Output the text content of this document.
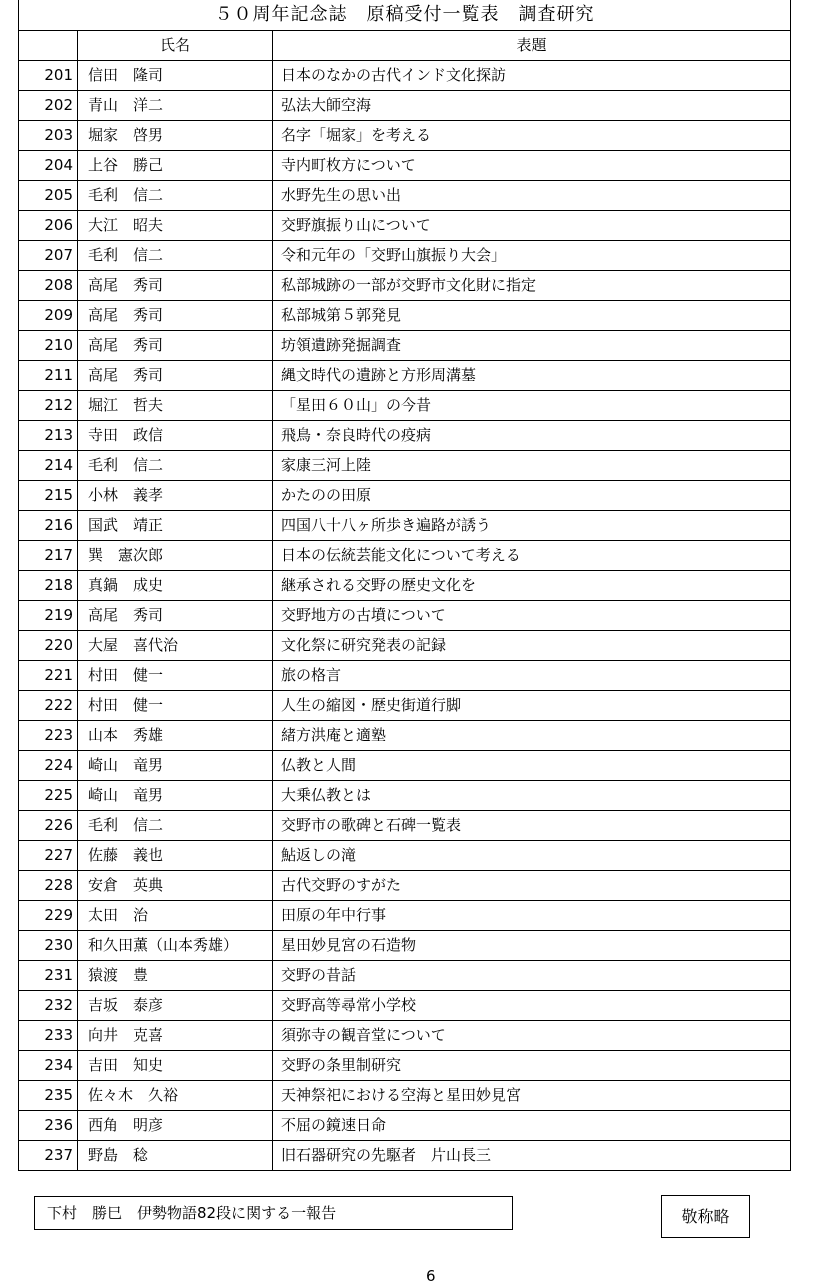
５０周年記念誌　原稿受付一覧表　調査研究		
	氏名	表題
201	信田　隆司	日本のなかの古代インド文化探訪
202	青山　洋二	弘法大師空海
203	堀家　啓男	名字「堀家」を考える
204	上谷　勝己	寺内町枚方について
205	毛利　信二	水野先生の思い出
206	大江　昭夫	交野旗振り山について
207	毛利　信二	令和元年の「交野山旗振り大会」
208	高尾　秀司	私部城跡の一部が交野市文化財に指定
209	高尾　秀司	私部城第５郭発見
210	高尾　秀司	坊領遺跡発掘調査
211	高尾　秀司	縄文時代の遺跡と方形周溝墓
212	堀江　哲夫	「星田６０山」の今昔
213	寺田　政信	飛鳥・奈良時代の疫病
214	毛利　信二	家康三河上陸
215	小林　義孝	かたのの田原
216	国武　靖正	四国八十八ヶ所歩き遍路が誘う
217	巽　憲次郎	日本の伝統芸能文化について考える
218	真鍋　成史	継承される交野の歴史文化を
219	高尾　秀司	交野地方の古墳について
220	大屋　喜代治	文化祭に研究発表の記録
221	村田　健一	旅の格言
222	村田　健一	人生の縮図・歴史街道行脚
223	山本　秀雄	緒方洪庵と適塾
224	崎山　竜男	仏教と人間
225	崎山　竜男	大乗仏教とは
226	毛利　信二	交野市の歌碑と石碑一覧表
227	佐藤　義也	鮎返しの滝
228	安倉　英典	古代交野のすがた
229	太田　治	田原の年中行事
230	和久田薫（山本秀雄）	星田妙見宮の石造物
231	猿渡　豊	交野の昔話
232	吉坂　泰彦	交野高等尋常小学校
233	向井　克喜	須弥寺の観音堂について
234	吉田　知史	交野の条里制研究
235	佐々木　久裕	天神祭祀における空海と星田妙見宮
236	西角　明彦	不屈の鏡速日命
237	野島　稔	旧石器研究の先駆者　片山長三
下村　勝巳　伊勢物語82段に関する一報告	敬称略
6
